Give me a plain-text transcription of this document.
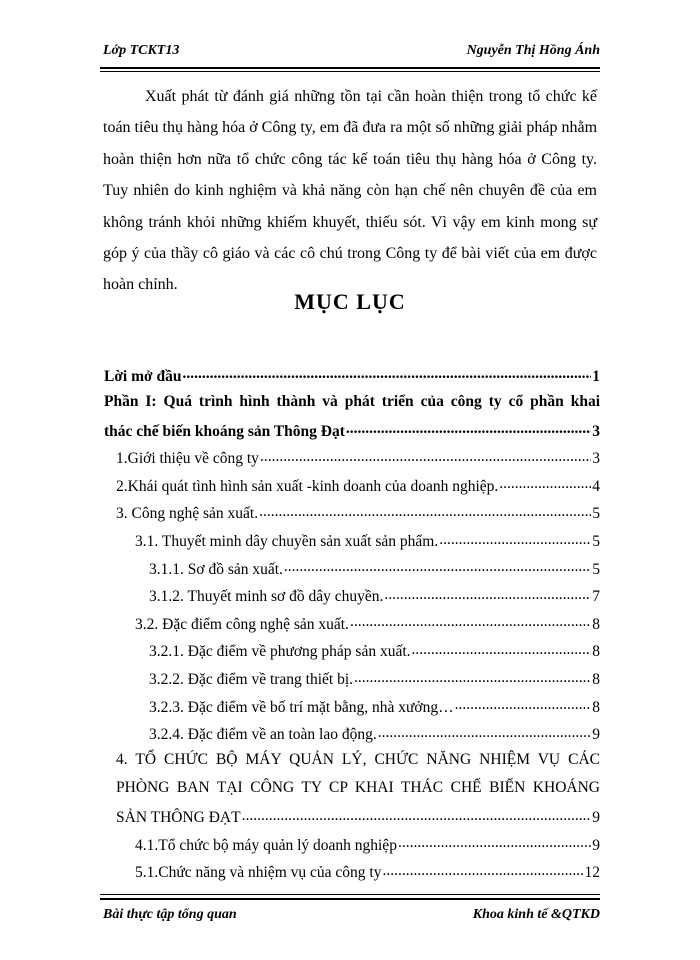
Lớp TCKT13	Nguyễn Thị Hồng Ánh

Xuất phát từ đánh giá những tồn tại cần hoàn thiện trong tổ chức kế toán tiêu thụ hàng hóa ở Công ty, em đã đưa ra một số những giải pháp nhằm hoàn thiện hơn nữa tổ chức công tác kế toán tiêu thụ hàng hóa ở Công ty. Tuy nhiên do kinh nghiệm và khả năng còn hạn chế nên chuyên đề của em không tránh khỏi những khiếm khuyết, thiếu sót. Vì vậy em kinh mong sự góp ý của thầy cô giáo và các cô chú trong Công ty để bài viết của em được hoàn chỉnh.

MỤC LỤC
Lời mở đầu .....	1
Phần I: Quá trình hình thành và phát triển của công ty cổ phần khai
thác chế biến khoáng sản Thông Đạt .....	3
1.Giới thiệu về công ty .....	3
2.Khái quát tình hình sản xuất -kinh doanh của doanh nghiệp. .....	4
3. Công nghệ sản xuất. .....	5
3.1. Thuyết minh dây chuyền sản xuất sản phẩm. .....	5
3.1.1. Sơ đồ sản xuất. .....	5
3.1.2. Thuyết minh sơ đồ dây chuyền. .....	7
3.2. Đặc điểm công nghệ sản xuất. .....	8
3.2.1. Đặc điểm về phương pháp sản xuất. .....	8
3.2.2. Đặc điểm về trang thiết bị. .....	8
3.2.3. Đặc điểm về bố trí mặt bằng, nhà xưởng… .....	8
3.2.4. Đặc điểm về an toàn lao động. .....	9
4. TỔ CHỨC BỘ MÁY QUẢN LÝ, CHỨC NĂNG NHIỆM VỤ CÁC
PHÒNG BAN TẠI CÔNG TY CP KHAI THÁC CHẾ BIẾN KHOÁNG
SẢN THÔNG ĐẠT .....	9
4.1.Tổ chức bộ máy quản lý doanh nghiệp .....	9
5.1.Chức năng và nhiệm vụ của công ty .....	12
Bài thực tập tổng quan	Khoa kinh tế &QTKD
